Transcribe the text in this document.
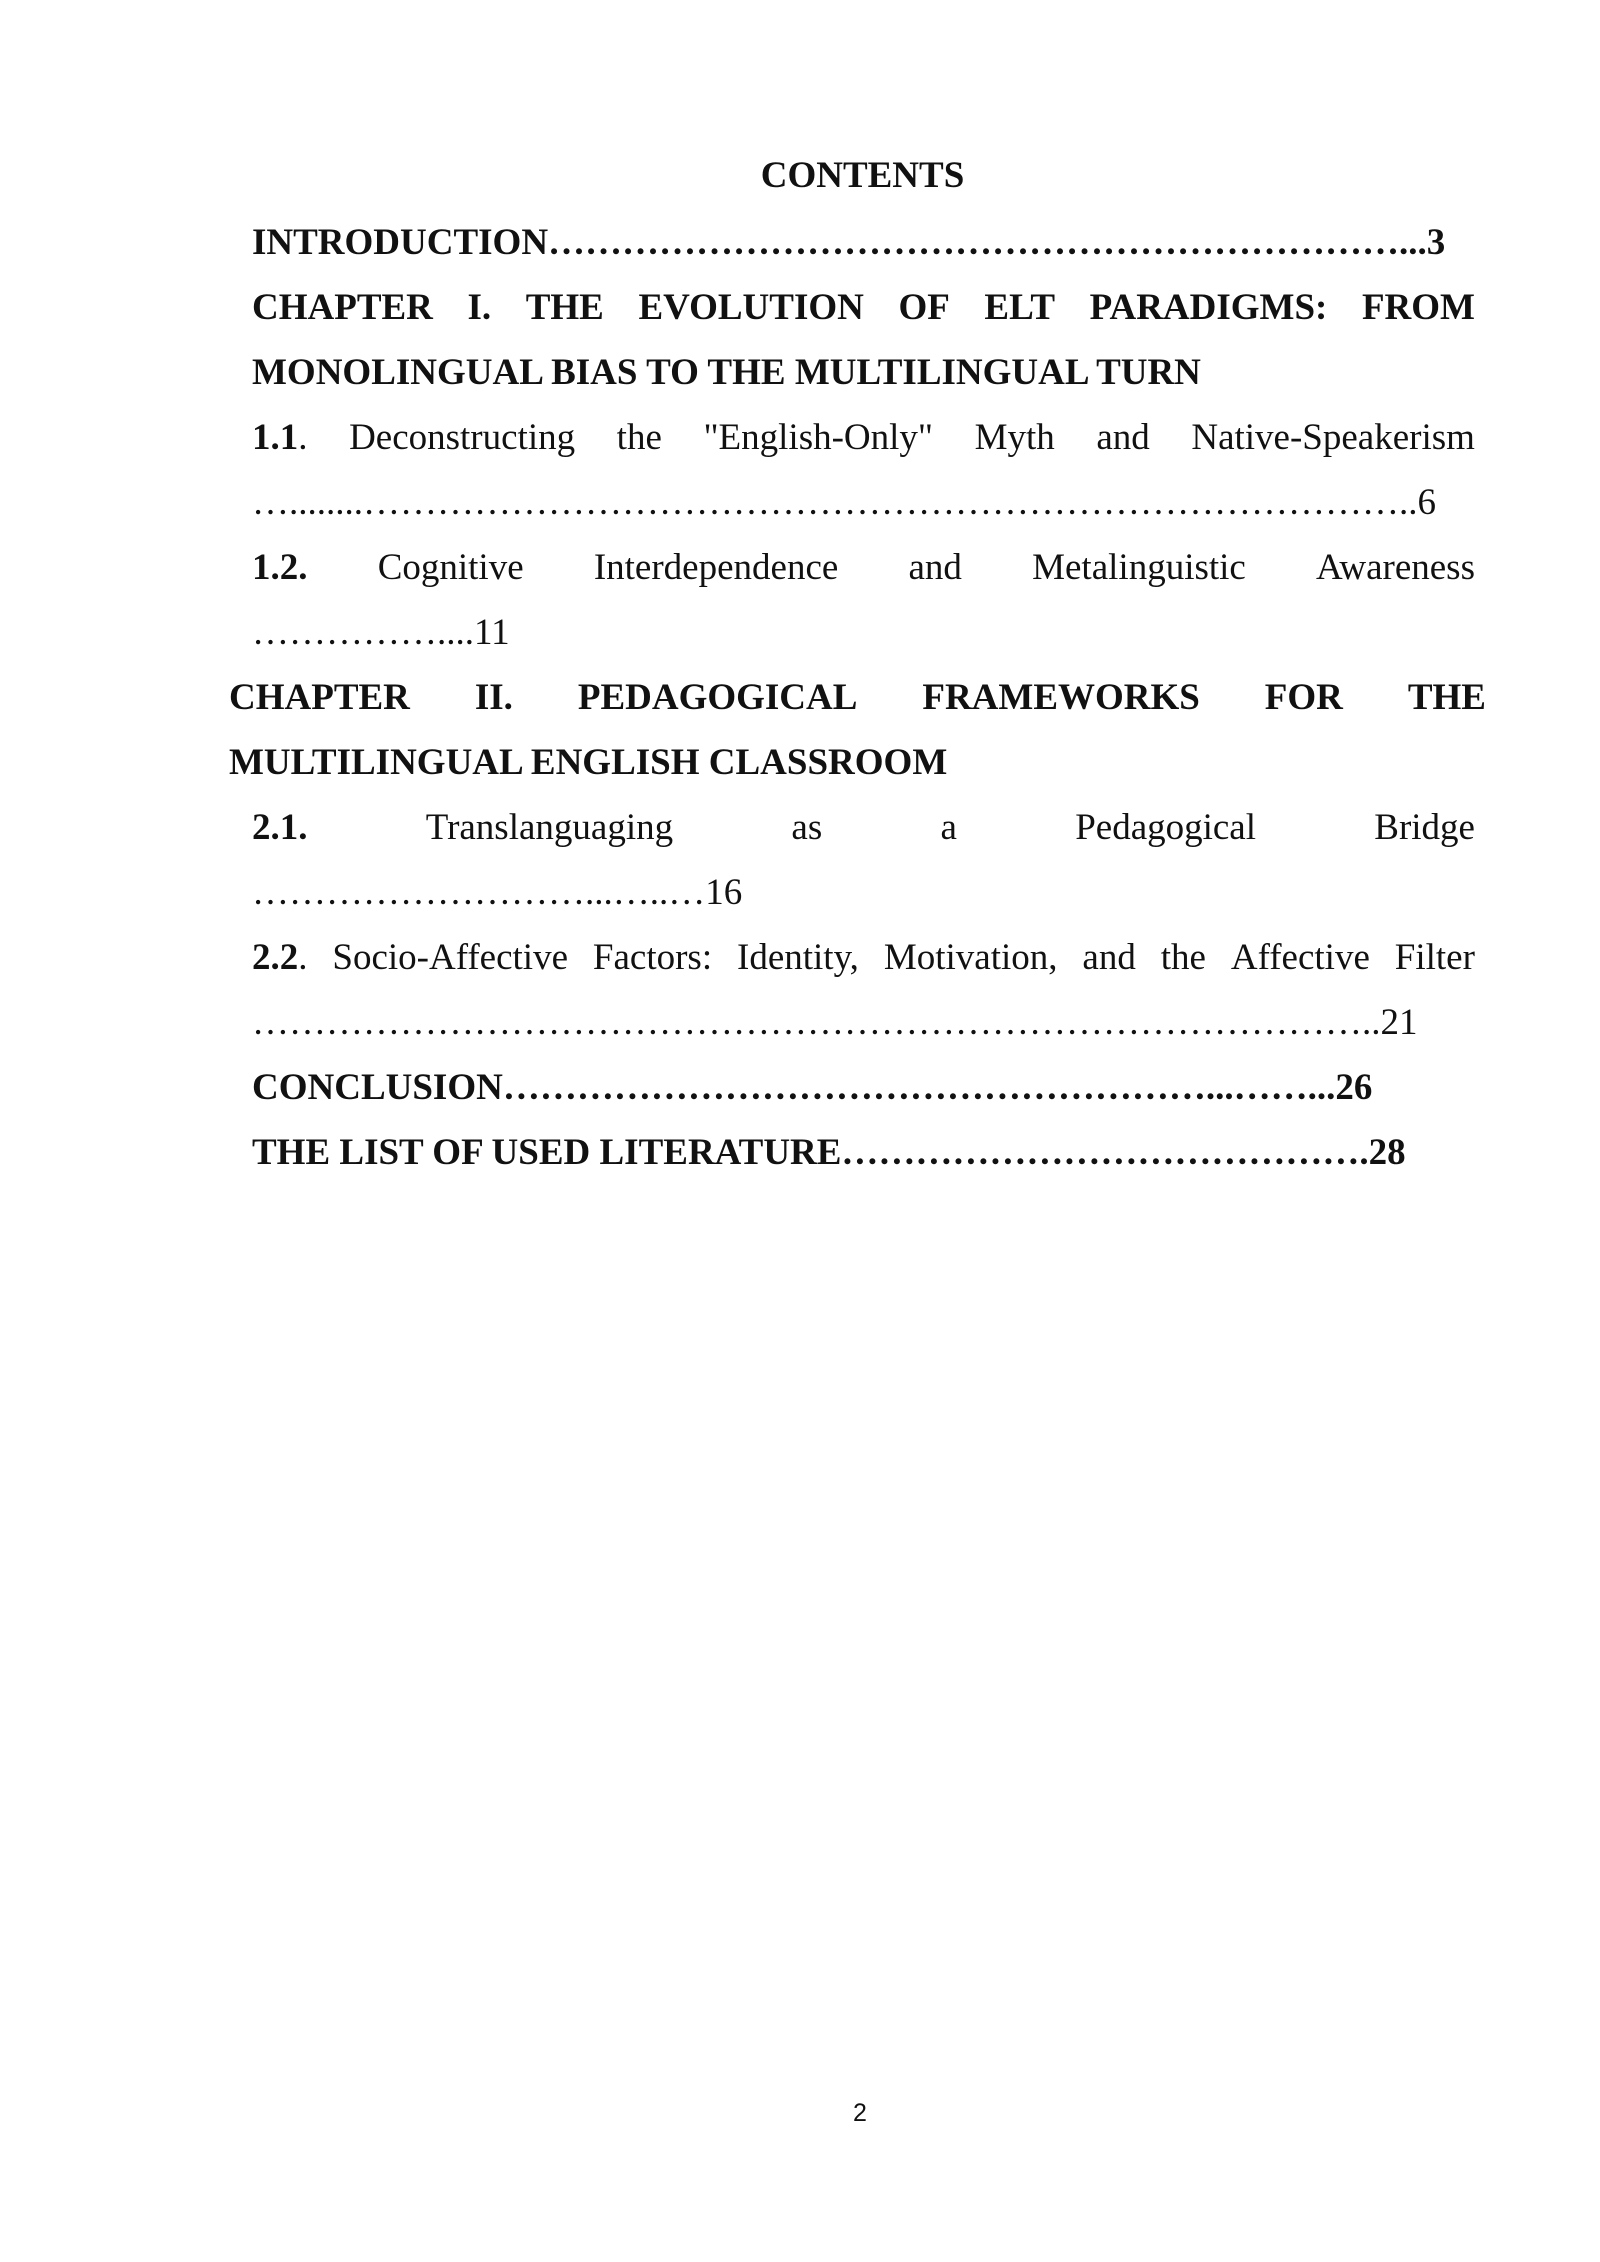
CONTENTS
INTRODUCTION……………………………………………………………...3
CHAPTER I. THE EVOLUTION OF ELT PARADIGMS: FROM
MONOLINGUAL BIAS TO THE MULTILINGUAL TURN
1.1. Deconstructing the "English-Only" Myth and Native-Speakerism
…........…………………………………………………………………………..6
1.2. Cognitive Interdependence and Metalinguistic Awareness
……………....11
CHAPTER II. PEDAGOGICAL FRAMEWORKS FOR THE
MULTILINGUAL ENGLISH CLASSROOM
2.1.	Translanguaging	as	a	Pedagogical	Bridge
………………………...…..…16
2.2. Socio-Affective Factors: Identity, Motivation, and the Affective Filter
………………………………………………………………………………..21
CONCLUSION…………………………………………………...……...26
THE LIST OF USED LITERATURE…………………………………….28
2
